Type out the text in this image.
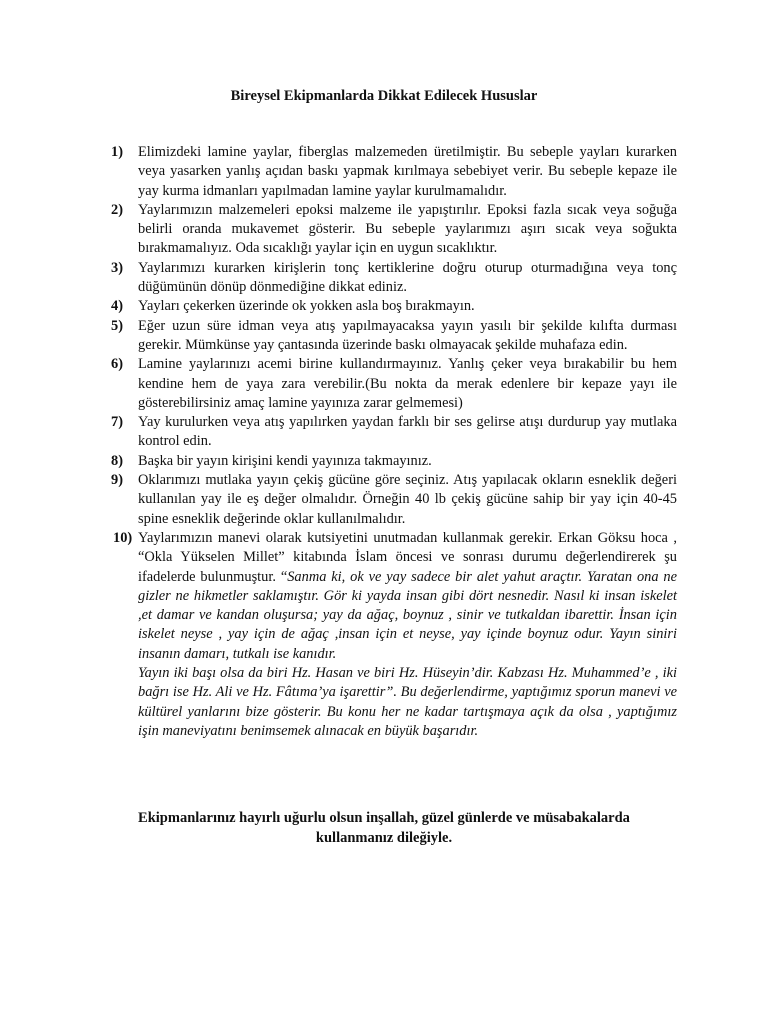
Bireysel Ekipmanlarda Dikkat Edilecek Hususlar
1) Elimizdeki lamine yaylar, fiberglas malzemeden üretilmiştir. Bu sebeple yayları kurarken veya yasarken yanlış açıdan baskı yapmak kırılmaya sebebiyet verir. Bu sebeple kepaze ile yay kurma idmanları yapılmadan lamine yaylar kurulmamalıdır.
2) Yaylarımızın malzemeleri epoksi malzeme ile yapıştırılır. Epoksi fazla sıcak veya soğuğa belirli oranda mukavemet gösterir. Bu sebeple yaylarımızı aşırı sıcak veya soğukta bırakmamalıyız. Oda sıcaklığı yaylar için en uygun sıcaklıktır.
3) Yaylarımızı kurarken kirişlerin tonç kertiklerine doğru oturup oturmadığına veya tonç düğümünün dönüp dönmediğine dikkat ediniz.
4) Yayları çekerken üzerinde ok yokken asla boş bırakmayın.
5) Eğer uzun süre idman veya atış yapılmayacaksa yayın yasılı bir şekilde kılıfta durması gerekir. Mümkünse yay çantasında üzerinde baskı olmayacak şekilde muhafaza edin.
6) Lamine yaylarınızı acemi birine kullandırmayınız. Yanlış çeker veya bırakabilir bu hem kendine hem de yaya zara verebilir.(Bu nokta da merak edenlere bir kepaze yayı ile gösterebilirsiniz amaç lamine yayınıza zarar gelmemesi)
7) Yay kurulurken veya atış yapılırken yaydan farklı bir ses gelirse atışı durdurup yay mutlaka kontrol edin.
8) Başka bir yayın kirişini kendi yayınıza takmayınız.
9) Oklarımızı mutlaka yayın çekiş gücüne göre seçiniz. Atış yapılacak okların esneklik değeri kullanılan yay ile eş değer olmalıdır. Örneğin 40 lb çekiş gücüne sahip bir yay için 40-45 spine esneklik değerinde oklar kullanılmalıdır.
10) Yaylarımızın manevi olarak kutsiyetini unutmadan kullanmak gerekir. Erkan Göksu hoca , “Okla Yükselen Millet” kitabında İslam öncesi ve sonrası durumu değerlendirerek şu ifadelerde bulunmuştur. “Sanma ki, ok ve yay sadece bir alet yahut araçtır. Yaratan ona ne gizler ne hikmetler saklamıştır. Gör ki yayda insan gibi dört nesnedir. Nasıl ki insan iskelet ,et damar ve kandan oluşursa; yay da ağaç, boynuz , sinir ve tutkaldan ibarettir. İnsan için iskelet neyse , yay için de ağaç ,insan için et neyse, yay içinde boynuz odur. Yayın siniri insanın damarı, tutkalı ise kanıdır.
Yayın iki başı olsa da biri Hz. Hasan ve biri Hz. Hüseyin’dir. Kabzası Hz. Muhammed’e , iki bağrı ise Hz. Ali ve Hz. Fâtıma’ya işarettir”. Bu değerlendirme, yaptığımız sporun manevi ve kültürel yanlarını bize gösterir. Bu konu her ne kadar tartışmaya açık da olsa , yaptığımız işin maneviyatını benimsemek alınacak en büyük başarıdır.
Ekipmanlarınız hayırlı uğurlu olsun inşallah, güzel günlerde ve müsabakalarda kullanmanız dileğiyle.
